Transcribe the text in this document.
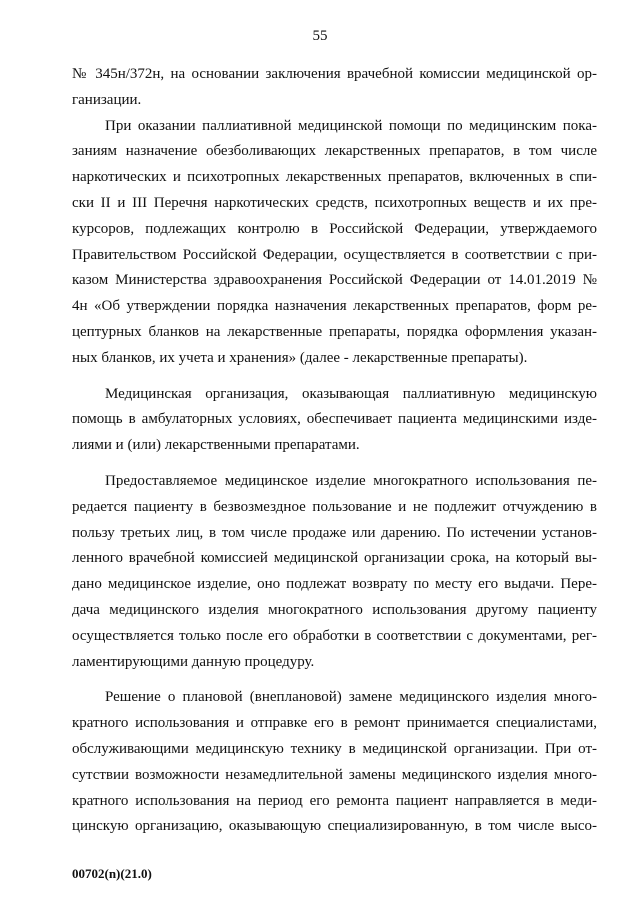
55
№ 345н/372н, на основании заключения врачебной комиссии медицинской ор-
ганизации.
При оказании паллиативной медицинской помощи по медицинским пока-
заниям назначение обезболивающих лекарственных препаратов, в том числе
наркотических и психотропных лекарственных препаратов, включенных в спи-
ски II и III Перечня наркотических средств, психотропных веществ и их пре-
курсоров, подлежащих контролю в Российской Федерации, утверждаемого
Правительством Российской Федерации, осуществляется в соответствии с при-
казом Министерства здравоохранения Российской Федерации от 14.01.2019 №
4н «Об утверждении порядка назначения лекарственных препаратов, форм ре-
цептурных бланков на лекарственные препараты, порядка оформления указан-
ных бланков, их учета и хранения» (далее - лекарственные препараты).
Медицинская организация, оказывающая паллиативную медицинскую
помощь в амбулаторных условиях, обеспечивает пациента медицинскими изде-
лиями и (или) лекарственными препаратами.
Предоставляемое медицинское изделие многократного использования пе-
редается пациенту в безвозмездное пользование и не подлежит отчуждению в
пользу третьих лиц, в том числе продаже или дарению. По истечении установ-
ленного врачебной комиссией медицинской организации срока, на который вы-
дано медицинское изделие, оно подлежат возврату по месту его выдачи. Пере-
дача медицинского изделия многократного использования другому пациенту
осуществляется только после его обработки в соответствии с документами, рег-
ламентирующими данную процедуру.
Решение о плановой (внеплановой) замене медицинского изделия много-
кратного использования и отправке его в ремонт принимается специалистами,
обслуживающими медицинскую технику в медицинской организации. При от-
сутствии возможности незамедлительной замены медицинского изделия много-
кратного использования на период его ремонта пациент направляется в меди-
цинскую организацию, оказывающую специализированную, в том числе высо-
00702(n)(21.0)
